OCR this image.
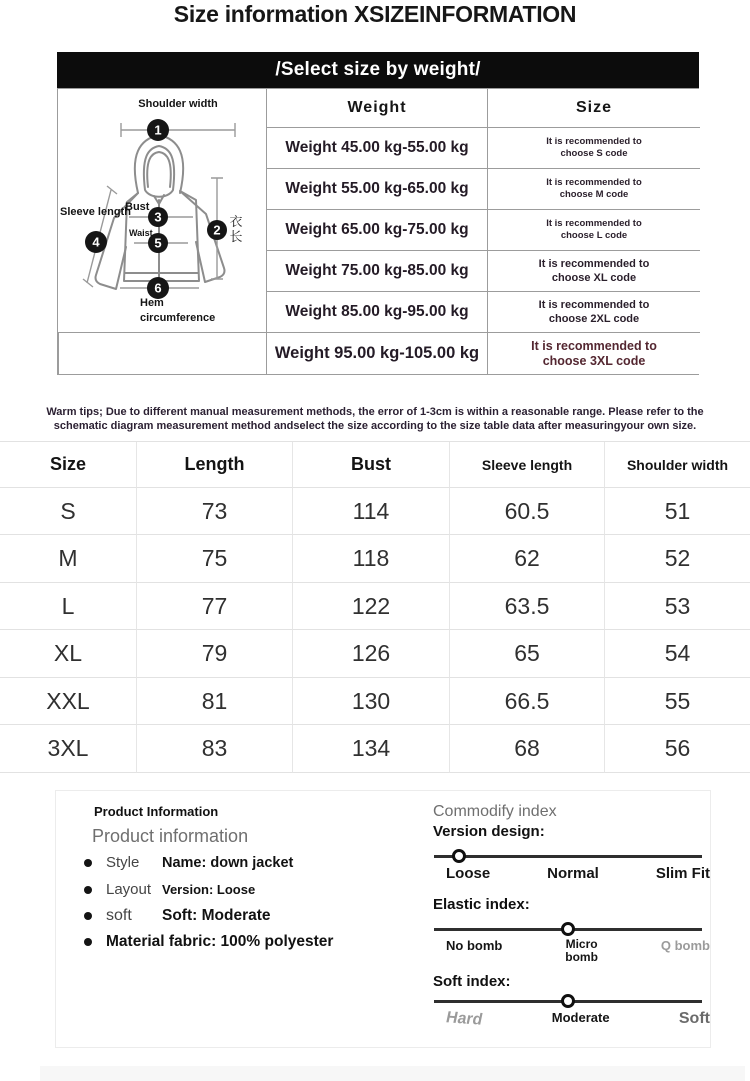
Size information XSIZEINFORMATION
/Select size by weight/
1
2
3
4	5
6
Shoulder width
Sleeve length
Bust
Waist
Hem
circumference
衣
长
Weight	Size
Weight 45.00 kg-55.00 kg	It is recommended to
choose S code
Weight 55.00 kg-65.00 kg	It is recommended to
choose M code
Weight 65.00 kg-75.00 kg	It is recommended to
choose L code
Weight 75.00 kg-85.00 kg	It is recommended to
choose XL code
Weight 85.00 kg-95.00 kg	It is recommended to
choose 2XL code
Weight 95.00 kg-105.00 kg	It is recommended to
choose 3XL code
Warm tips; Due to different manual measurement methods, the error of 1-3cm is within a reasonable range. Please refer to the
schematic diagram measurement method andselect the size according to the size table data after measuringyour own size.
Size	Length	Bust	Sleeve length	Shoulder width
S	73	114	60.5	51
M	75	118	62	52
L	77	122	63.5	53
XL	79	126	65	54
XXL	81	130	66.5	55
3XL	83	134	68	56
Product Information
Product information
Style	Name: down jacket
Layout Version: Loose
soft	Soft: Moderate
Material fabric: 100% polyester
Commodify index
Version design:
Loose	Normal	Slim Fit
Elastic index:
No bomb	Micro bomb
Q bomb
Soft index:
Hard	Moderate	Soft
